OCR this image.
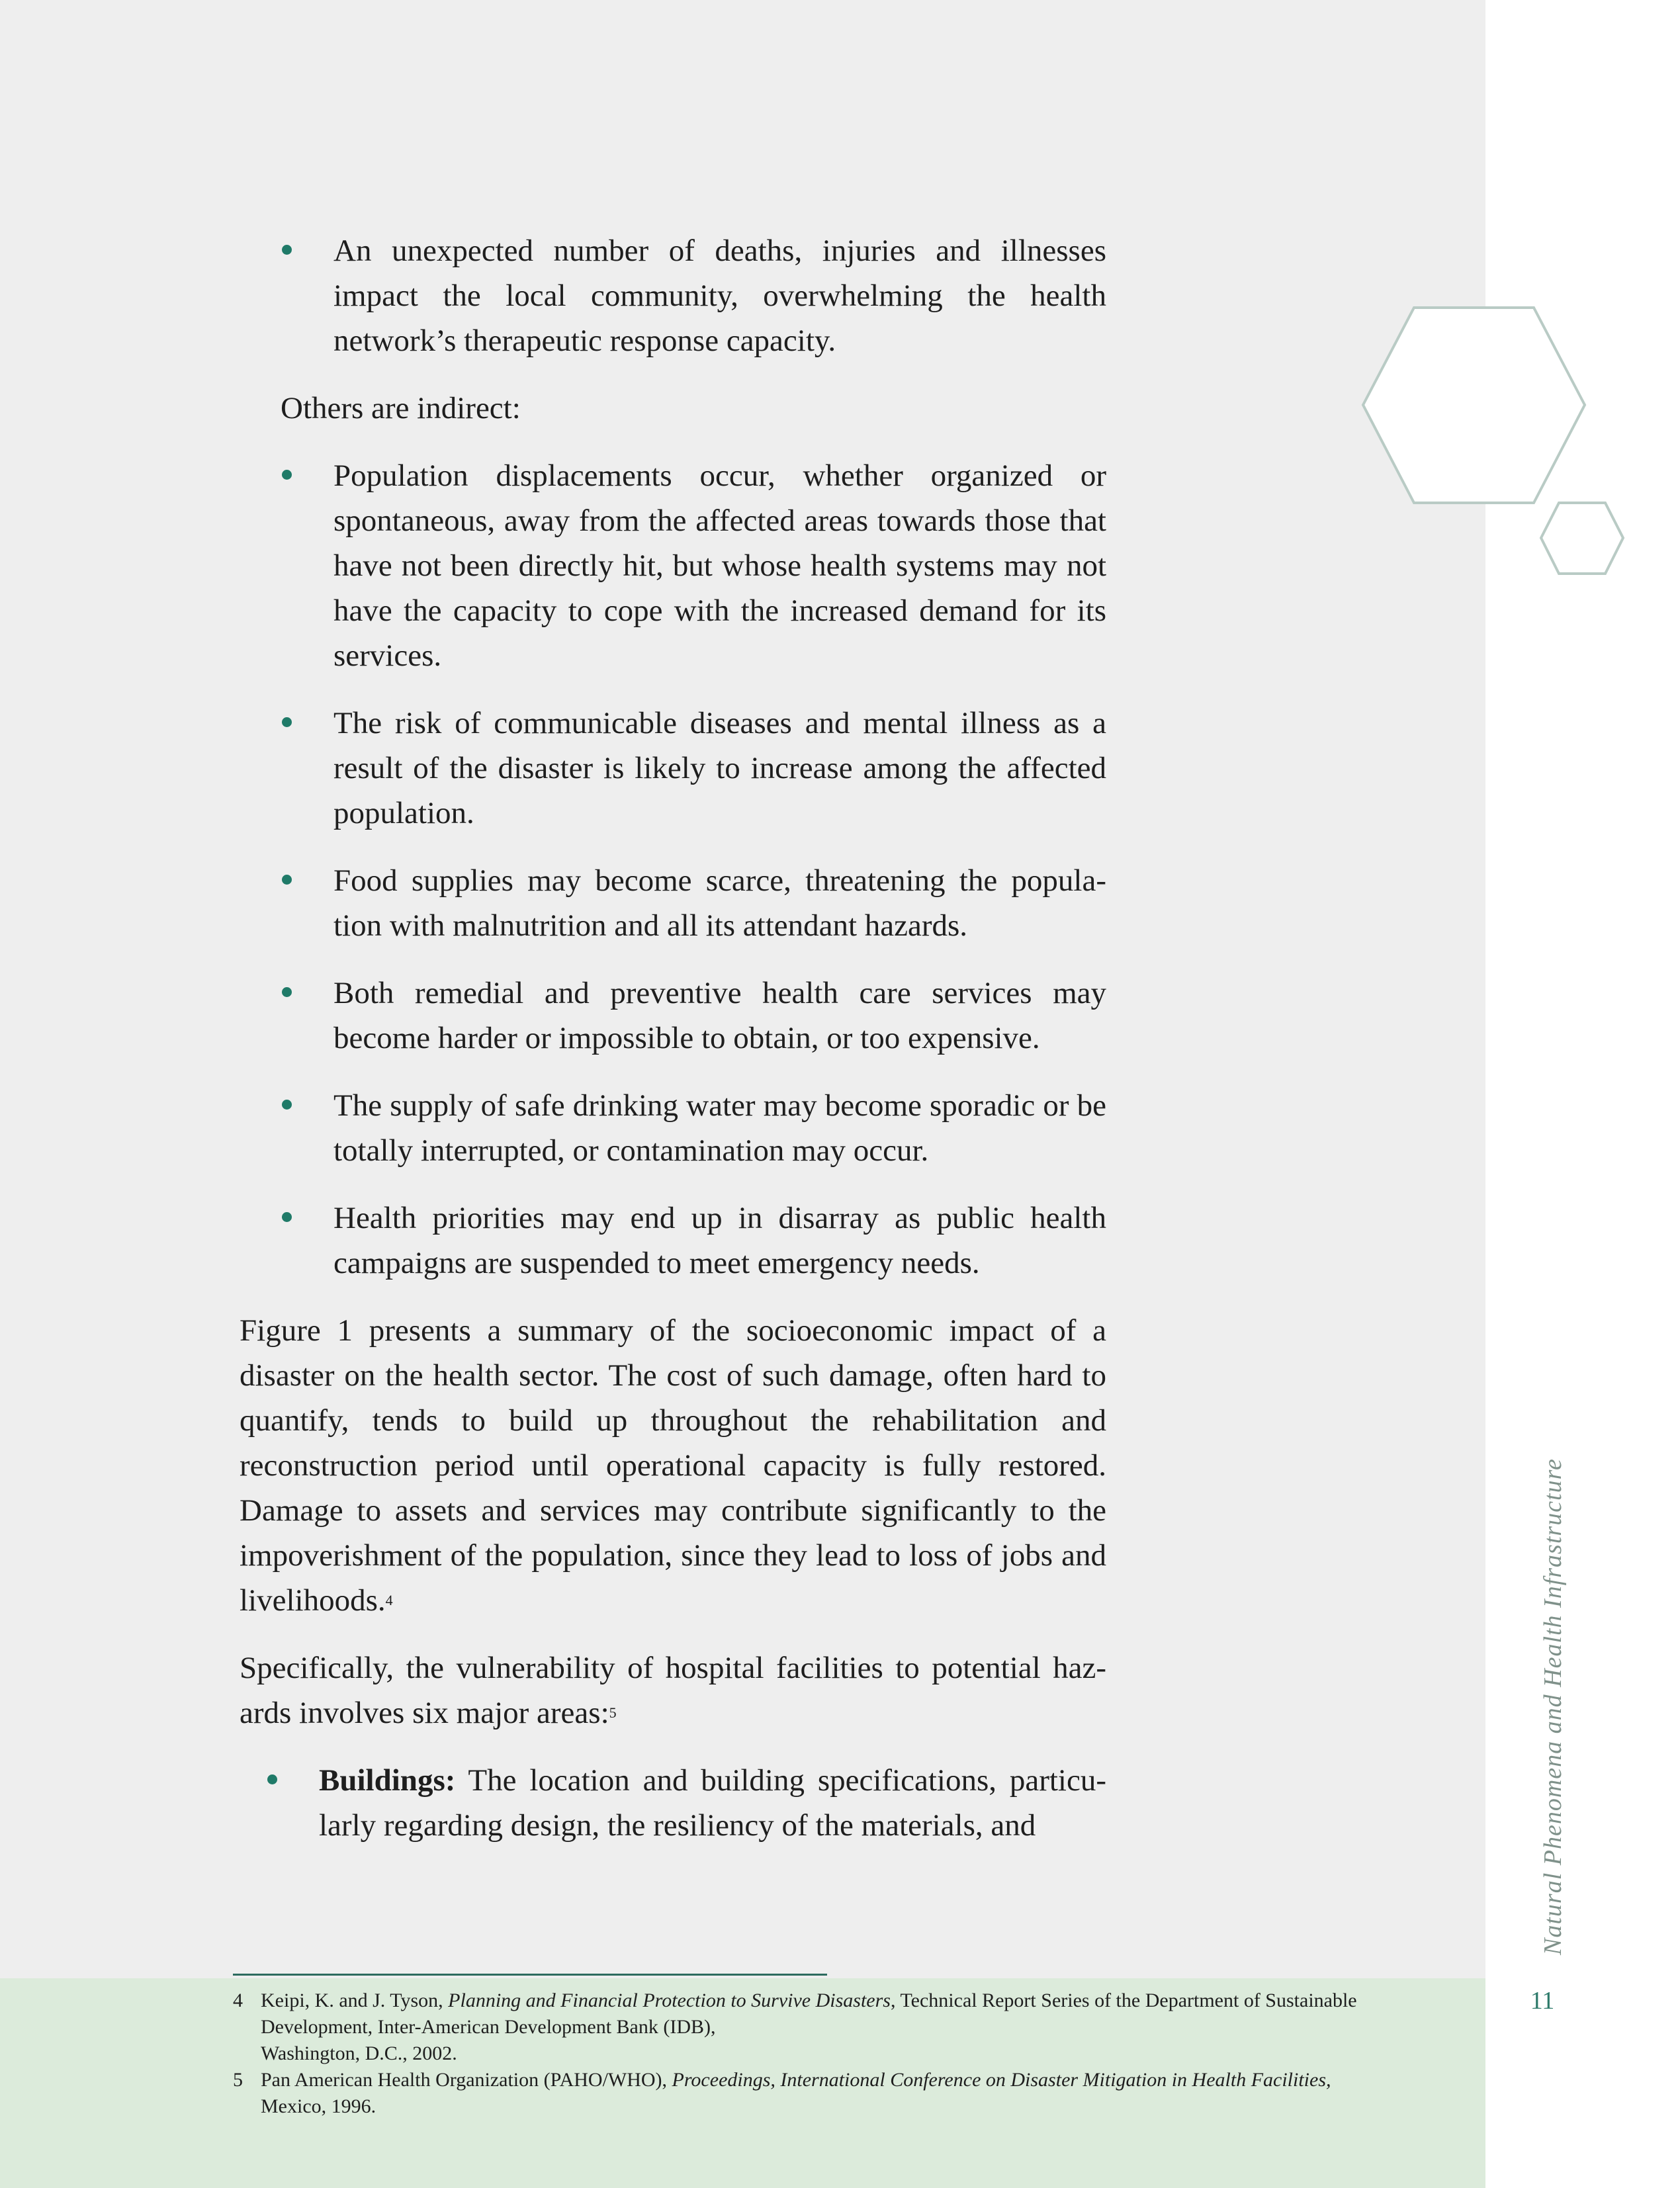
An unexpected number of deaths, injuries and illnesses impact the local community, overwhelming the health network’s therapeutic response capacity.

Others are indirect:

Population displacements occur, whether organized or spontaneous, away from the affected areas towards those that have not been directly hit, but whose health systems may not have the capacity to cope with the increased demand for its services.
The risk of communicable diseases and mental illness as a result of the disaster is likely to increase among the affected population.
Food supplies may become scarce, threatening the popula-tion with malnutrition and all its attendant hazards.
Both remedial and preventive health care services may become harder or impossible to obtain, or too expensive.
The supply of safe drinking water may become sporadic or be totally interrupted, or contamination may occur.
Health priorities may end up in disarray as public health campaigns are suspended to meet emergency needs.

Figure 1 presents a summary of the socioeconomic impact of a disaster on the health sector. The cost of such damage, often hard to quantify, tends to build up throughout the rehabilitation and reconstruction period until operational capacity is fully restored. Damage to assets and services may contribute significantly to the impoverishment of the population, since they lead to loss of jobs and livelihoods.$^4$

Specifically, the vulnerability of hospital facilities to potential haz-ards involves six major areas:$^5$

Buildings: The location and building specifications, particu-larly regarding design, the resiliency of the materials, and
4 Keipi, K. and J. Tyson, Planning and Financial Protection to Survive Disasters, Technical Report Series of the Department of Sustainable
Development, Inter-American Development Bank (IDB),
Washington, D.C., 2002.
5 Pan American Health Organization (PAHO/WHO), Proceedings, International Conference on Disaster Mitigation in Health Facilities,
Mexico, 1996.
Natural Phenomena and Health Infrastructure
11
